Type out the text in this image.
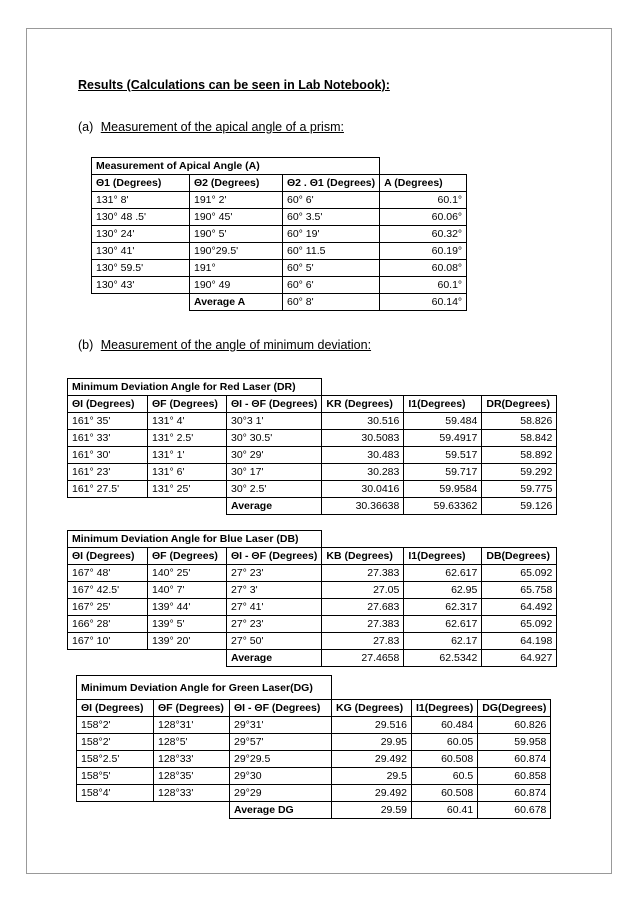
Results (Calculations can be seen in Lab Notebook):
(a) Measurement of the apical angle of a prism:
Measurement of Apical Angle (A)			
Θ1 (Degrees)	Θ2 (Degrees)	Θ2 . Θ1 (Degrees)	A (Degrees)
131° 8'	191° 2'	60° 6'	60.1°
130° 48 .5'	190° 45'	60° 3.5'	60.06°
130° 24'	190° 5'	60° 19'	60.32°
130° 41'	190°29.5'	60° 11.5	60.19°
130° 59.5'	191°	60° 5'	60.08°
130° 43'	190° 49	60° 6'	60.1°
	Average A	60° 8'	60.14°
(b) Measurement of the angle of minimum deviation:
Minimum Deviation Angle for Red Laser (DR)					
ΘI (Degrees)	ΘF (Degrees)	ΘI - ΘF (Degrees)	KR (Degrees)	I1(Degrees)	DR(Degrees)
161° 35'	131° 4'	30°3 1'	30.516	59.484	58.826
161° 33'	131° 2.5'	30° 30.5'	30.5083	59.4917	58.842
161° 30'	131° 1'	30° 29'	30.483	59.517	58.892
161° 23'	131° 6'	30° 17'	30.283	59.717	59.292
161° 27.5'	131° 25'	30° 2.5'	30.0416	59.9584	59.775
		Average	30.36638	59.63362	59.126
Minimum Deviation Angle for Blue Laser (DB)					
ΘI (Degrees)	ΘF (Degrees)	ΘI - ΘF (Degrees)	KB (Degrees)	I1(Degrees)	DB(Degrees)
167° 48'	140° 25'	27° 23'	27.383	62.617	65.092
167° 42.5'	140° 7'	27° 3'	27.05	62.95	65.758
167° 25'	139° 44'	27° 41'	27.683	62.317	64.492
166° 28'	139° 5'	27° 23'	27.383	62.617	65.092
167° 10'	139° 20'	27° 50'	27.83	62.17	64.198
		Average	27.4658	62.5342	64.927
Minimum Deviation Angle for Green Laser(DG)					
ΘI (Degrees)	ΘF (Degrees)	ΘI - ΘF (Degrees)	KG (Degrees)	I1(Degrees)	DG(Degrees)
158°2'	128°31'	29°31'	29.516	60.484	60.826
158°2'	128°5'	29°57'	29.95	60.05	59.958
158°2.5'	128°33'	29°29.5	29.492	60.508	60.874
158°5'	128°35'	29°30	29.5	60.5	60.858
158°4'	128°33'	29°29	29.492	60.508	60.874
		Average DG	29.59	60.41	60.678
